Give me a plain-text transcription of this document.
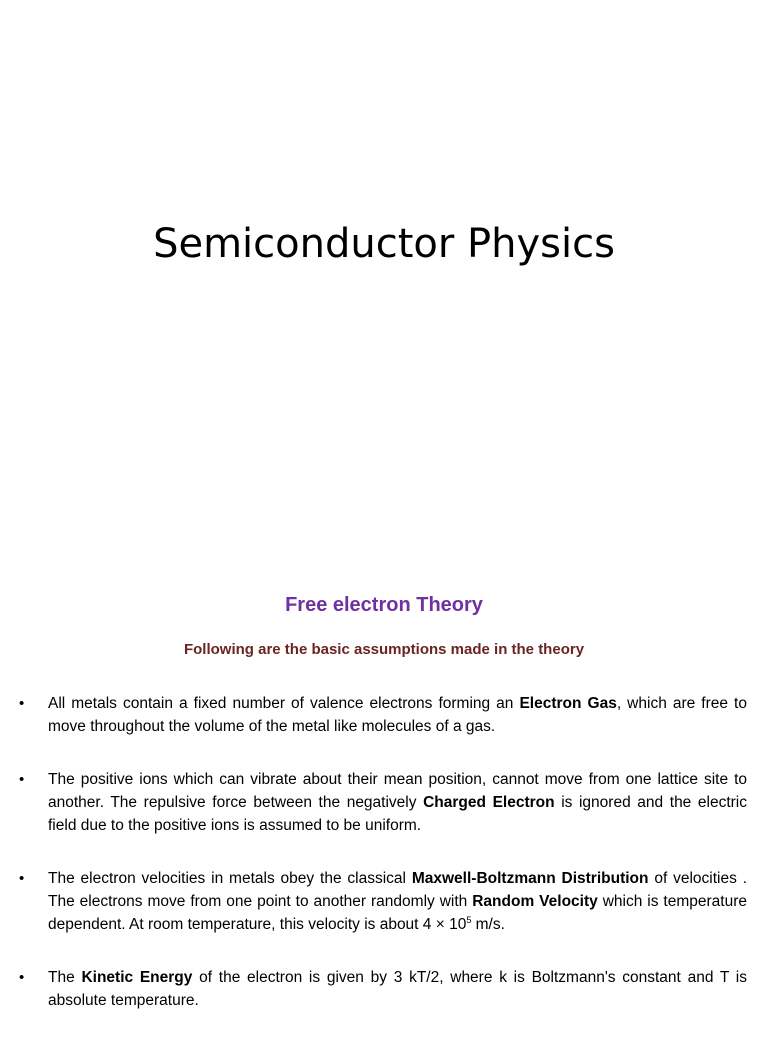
Semiconductor Physics
Free electron Theory

Following are the basic assumptions made in the theory

• All metals contain a fixed number of valence electrons forming an Electron Gas, which are free to move throughout the volume of the metal like molecules of a gas.
• The positive ions which can vibrate about their mean position, cannot move from one lattice site to another. The repulsive force between the negatively Charged Electron is ignored and the electric field due to the positive ions is assumed to be uniform.
• The electron velocities in metals obey the classical Maxwell-Boltzmann Distribution of velocities . The electrons move from one point to another randomly with Random Velocity which is temperature dependent. At room temperature, this velocity is about $4 \times 10^5$ m/s.
• The Kinetic Energy of the electron is given by 3 kT/2, where k is Boltzmann's constant and T is absolute temperature.
